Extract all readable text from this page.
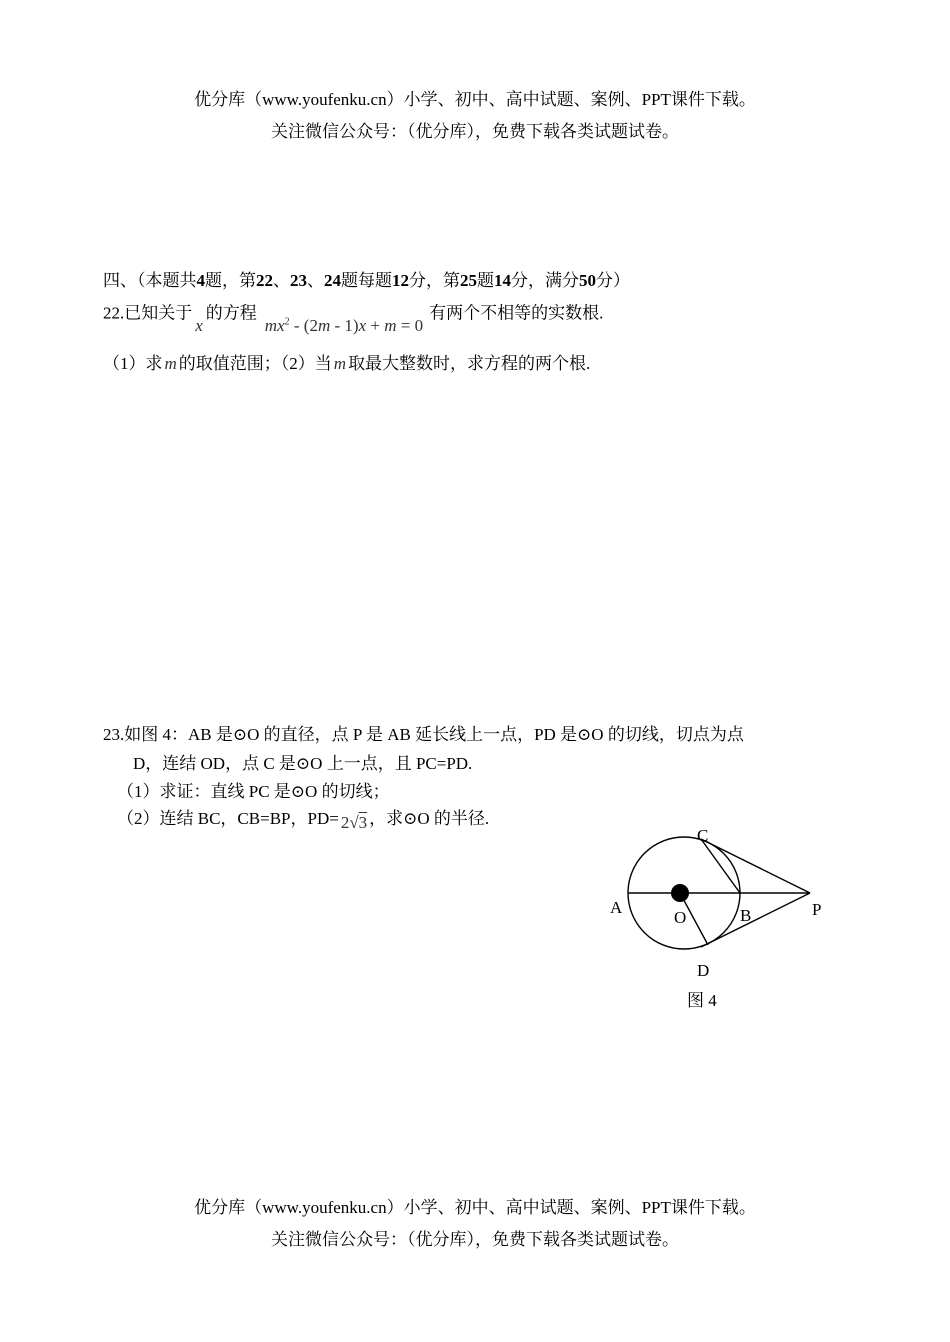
优分库（www.youfenku.cn）小学、初中、高中试题、案例、PPT课件下载。
关注微信公众号：（优分库），免费下载各类试题试卷。
四、（本题共4题，第22、23、24题每题12分，第25题14分，满分50分）
22.已知关于x的方程$mx^2 - (2m - 1)x + m = 0$有两个不相等的实数根.
（1）求 m 的取值范围；（2）当 m 取最大整数时，求方程的两个根.
23.如图 4：AB 是⊙O 的直径，点 P 是 AB 延长线上一点，PD 是⊙O 的切线，切点为点
D，连结 OD，点 C 是⊙O 上一点，且 PC=PD.
（1）求证：直线 PC 是⊙O 的切线；
（2）连结 BC，CB=BP，PD= 2√3 ，求⊙O 的半径.
A
O	B	P
C
D
图 4
优分库（www.youfenku.cn）小学、初中、高中试题、案例、PPT课件下载。
关注微信公众号：（优分库），免费下载各类试题试卷。
